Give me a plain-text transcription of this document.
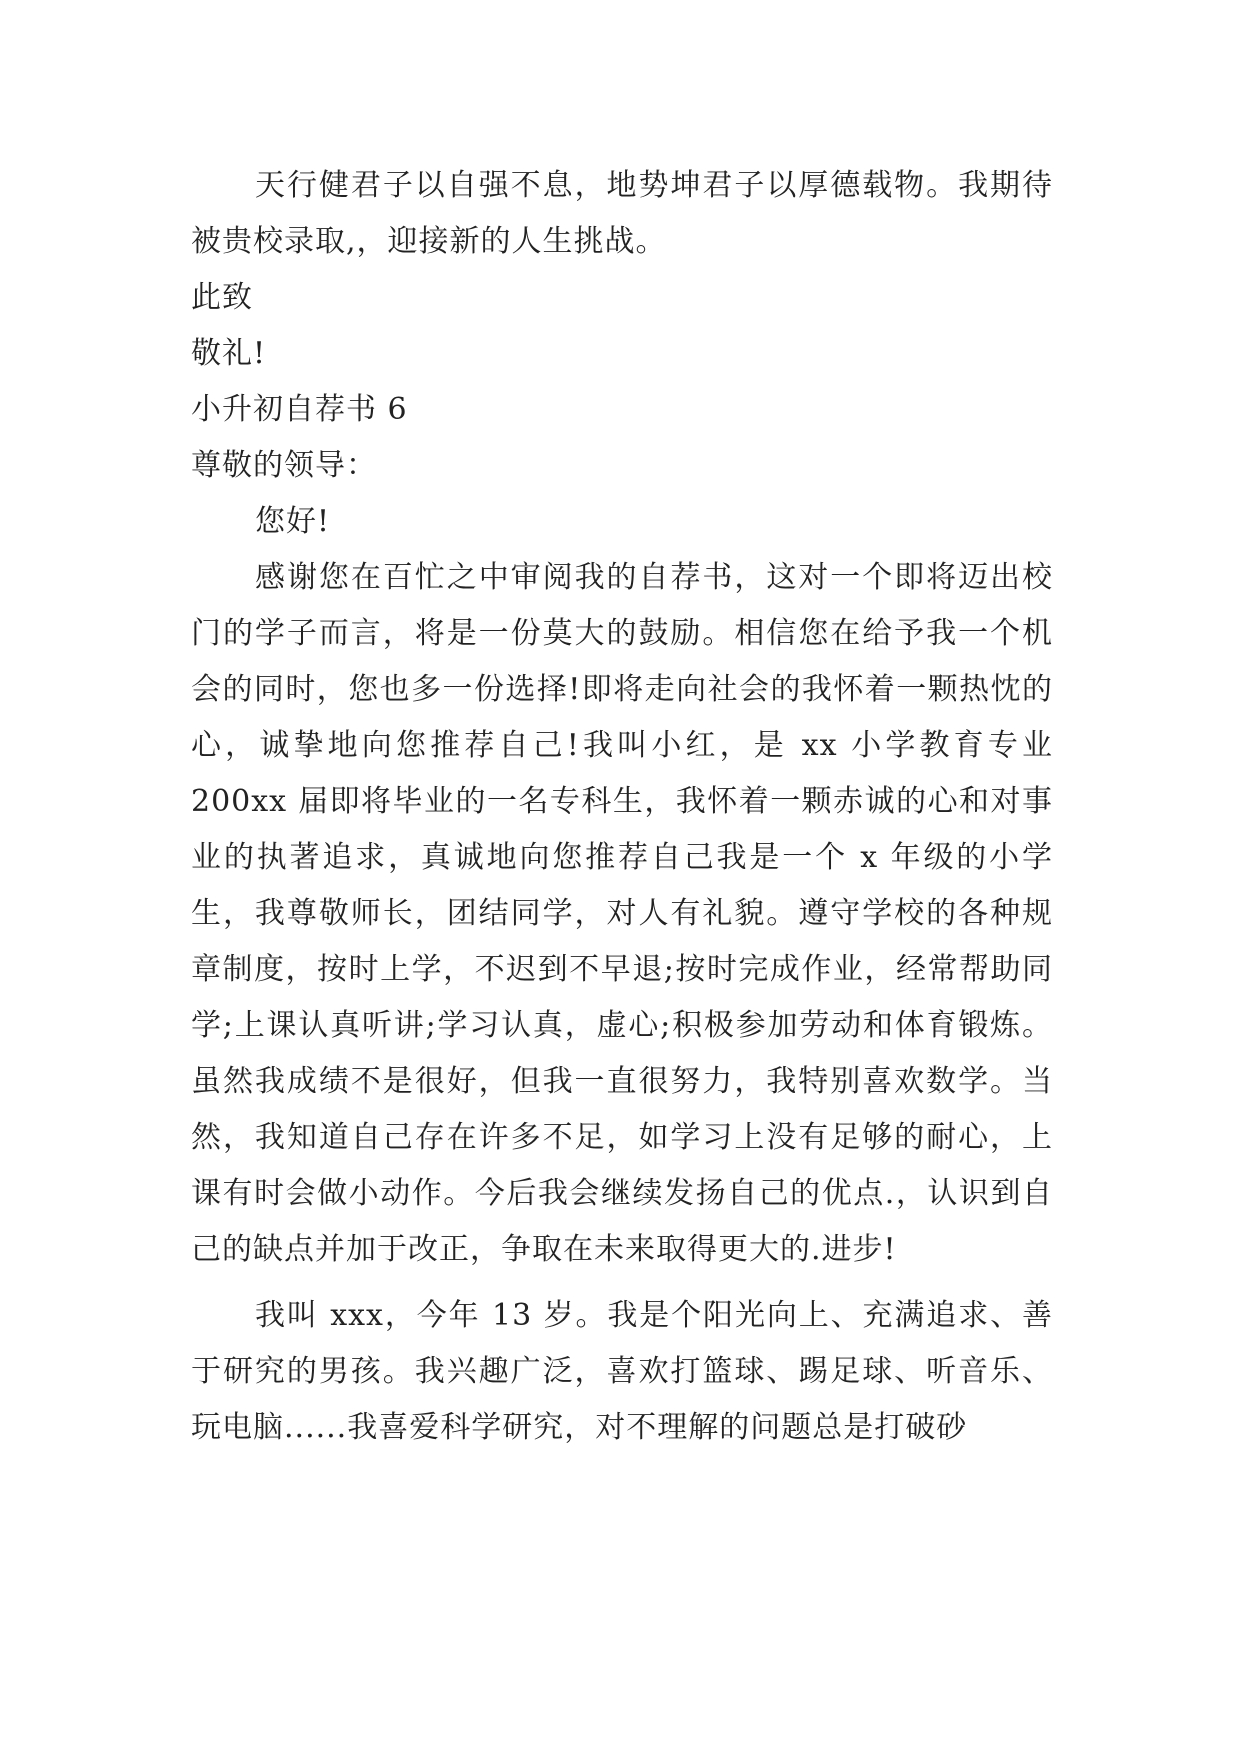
天行健君子以自强不息，地势坤君子以厚德载物。我期待被贵校录取,，迎接新的人生挑战。

此致

敬礼!

小升初自荐书 6

尊敬的领导：

您好!

感谢您在百忙之中审阅我的自荐书，这对一个即将迈出校门的学子而言，将是一份莫大的鼓励。相信您在给予我一个机会的同时，您也多一份选择!即将走向社会的我怀着一颗热忱的心，诚挚地向您推荐自己!我叫小红，是 xx 小学教育专业 200xx 届即将毕业的一名专科生，我怀着一颗赤诚的心和对事业的执著追求，真诚地向您推荐自己我是一个 x 年级的小学生，我尊敬师长，团结同学，对人有礼貌。遵守学校的各种规章制度，按时上学，不迟到不早退;按时完成作业，经常帮助同学;上课认真听讲;学习认真，虚心;积极参加劳动和体育锻炼。虽然我成绩不是很好，但我一直很努力，我特别喜欢数学。当然，我知道自己存在许多不足，如学习上没有足够的耐心，上课有时会做小动作。今后我会继续发扬自己的优点.，认识到自己的缺点并加于改正，争取在未来取得更大的.进步!

我叫 xxx，今年 13 岁。我是个阳光向上、充满追求、善于研究的男孩。我兴趣广泛，喜欢打篮球、踢足球、听音乐、玩电脑......我喜爱科学研究，对不理解的问题总是打破砂
